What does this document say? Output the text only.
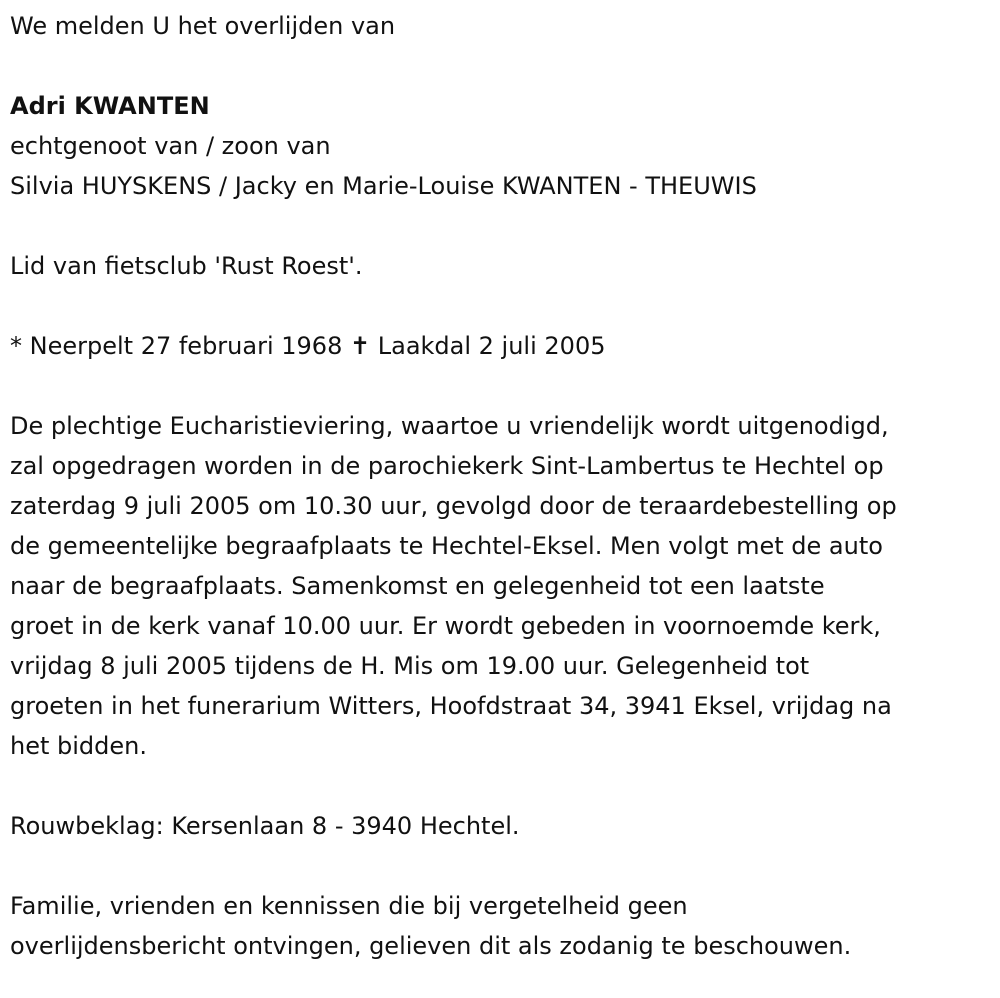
We melden U het overlijden van
Adri KWANTEN
echtgenoot van / zoon van
Silvia HUYSKENS / Jacky en Marie-Louise KWANTEN - THEUWIS
Lid van fietsclub 'Rust Roest'.
* Neerpelt 27 februari 1968 ✝ Laakdal 2 juli 2005
De plechtige Eucharistieviering, waartoe u vriendelijk wordt uitgenodigd,
zal opgedragen worden in de parochiekerk Sint-Lambertus te Hechtel op
zaterdag 9 juli 2005 om 10.30 uur, gevolgd door de teraardebestelling op
de gemeentelijke begraafplaats te Hechtel-Eksel. Men volgt met de auto
naar de begraafplaats. Samenkomst en gelegenheid tot een laatste
groet in de kerk vanaf 10.00 uur. Er wordt gebeden in voornoemde kerk,
vrijdag 8 juli 2005 tijdens de H. Mis om 19.00 uur. Gelegenheid tot
groeten in het funerarium Witters, Hoofdstraat 34, 3941 Eksel, vrijdag na
het bidden.
Rouwbeklag: Kersenlaan 8 - 3940 Hechtel.
Familie, vrienden en kennissen die bij vergetelheid geen
overlijdensbericht ontvingen, gelieven dit als zodanig te beschouwen.
